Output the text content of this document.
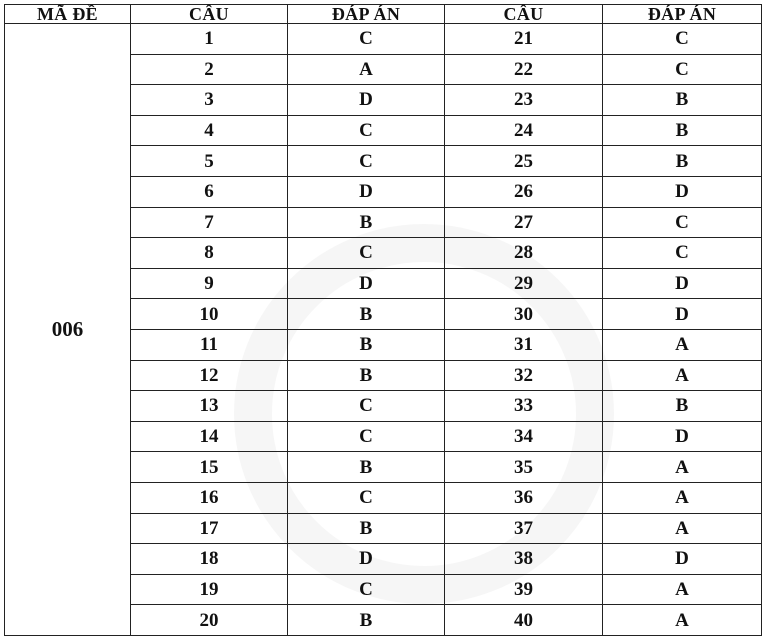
MÃ ĐỀ	CÂU	ĐÁP ÁN	CÂU	ĐÁP ÁN
006	1	C	21	C
	2	A	22	C
	3	D	23	B
	4	C	24	B
	5	C	25	B
	6	D	26	D
	7	B	27	C
	8	C	28	C
	9	D	29	D
	10	B	30	D
	11	B	31	A
	12	B	32	A
	13	C	33	B
	14	C	34	D
	15	B	35	A
	16	C	36	A
	17	B	37	A
	18	D	38	D
	19	C	39	A
	20	B	40	A
